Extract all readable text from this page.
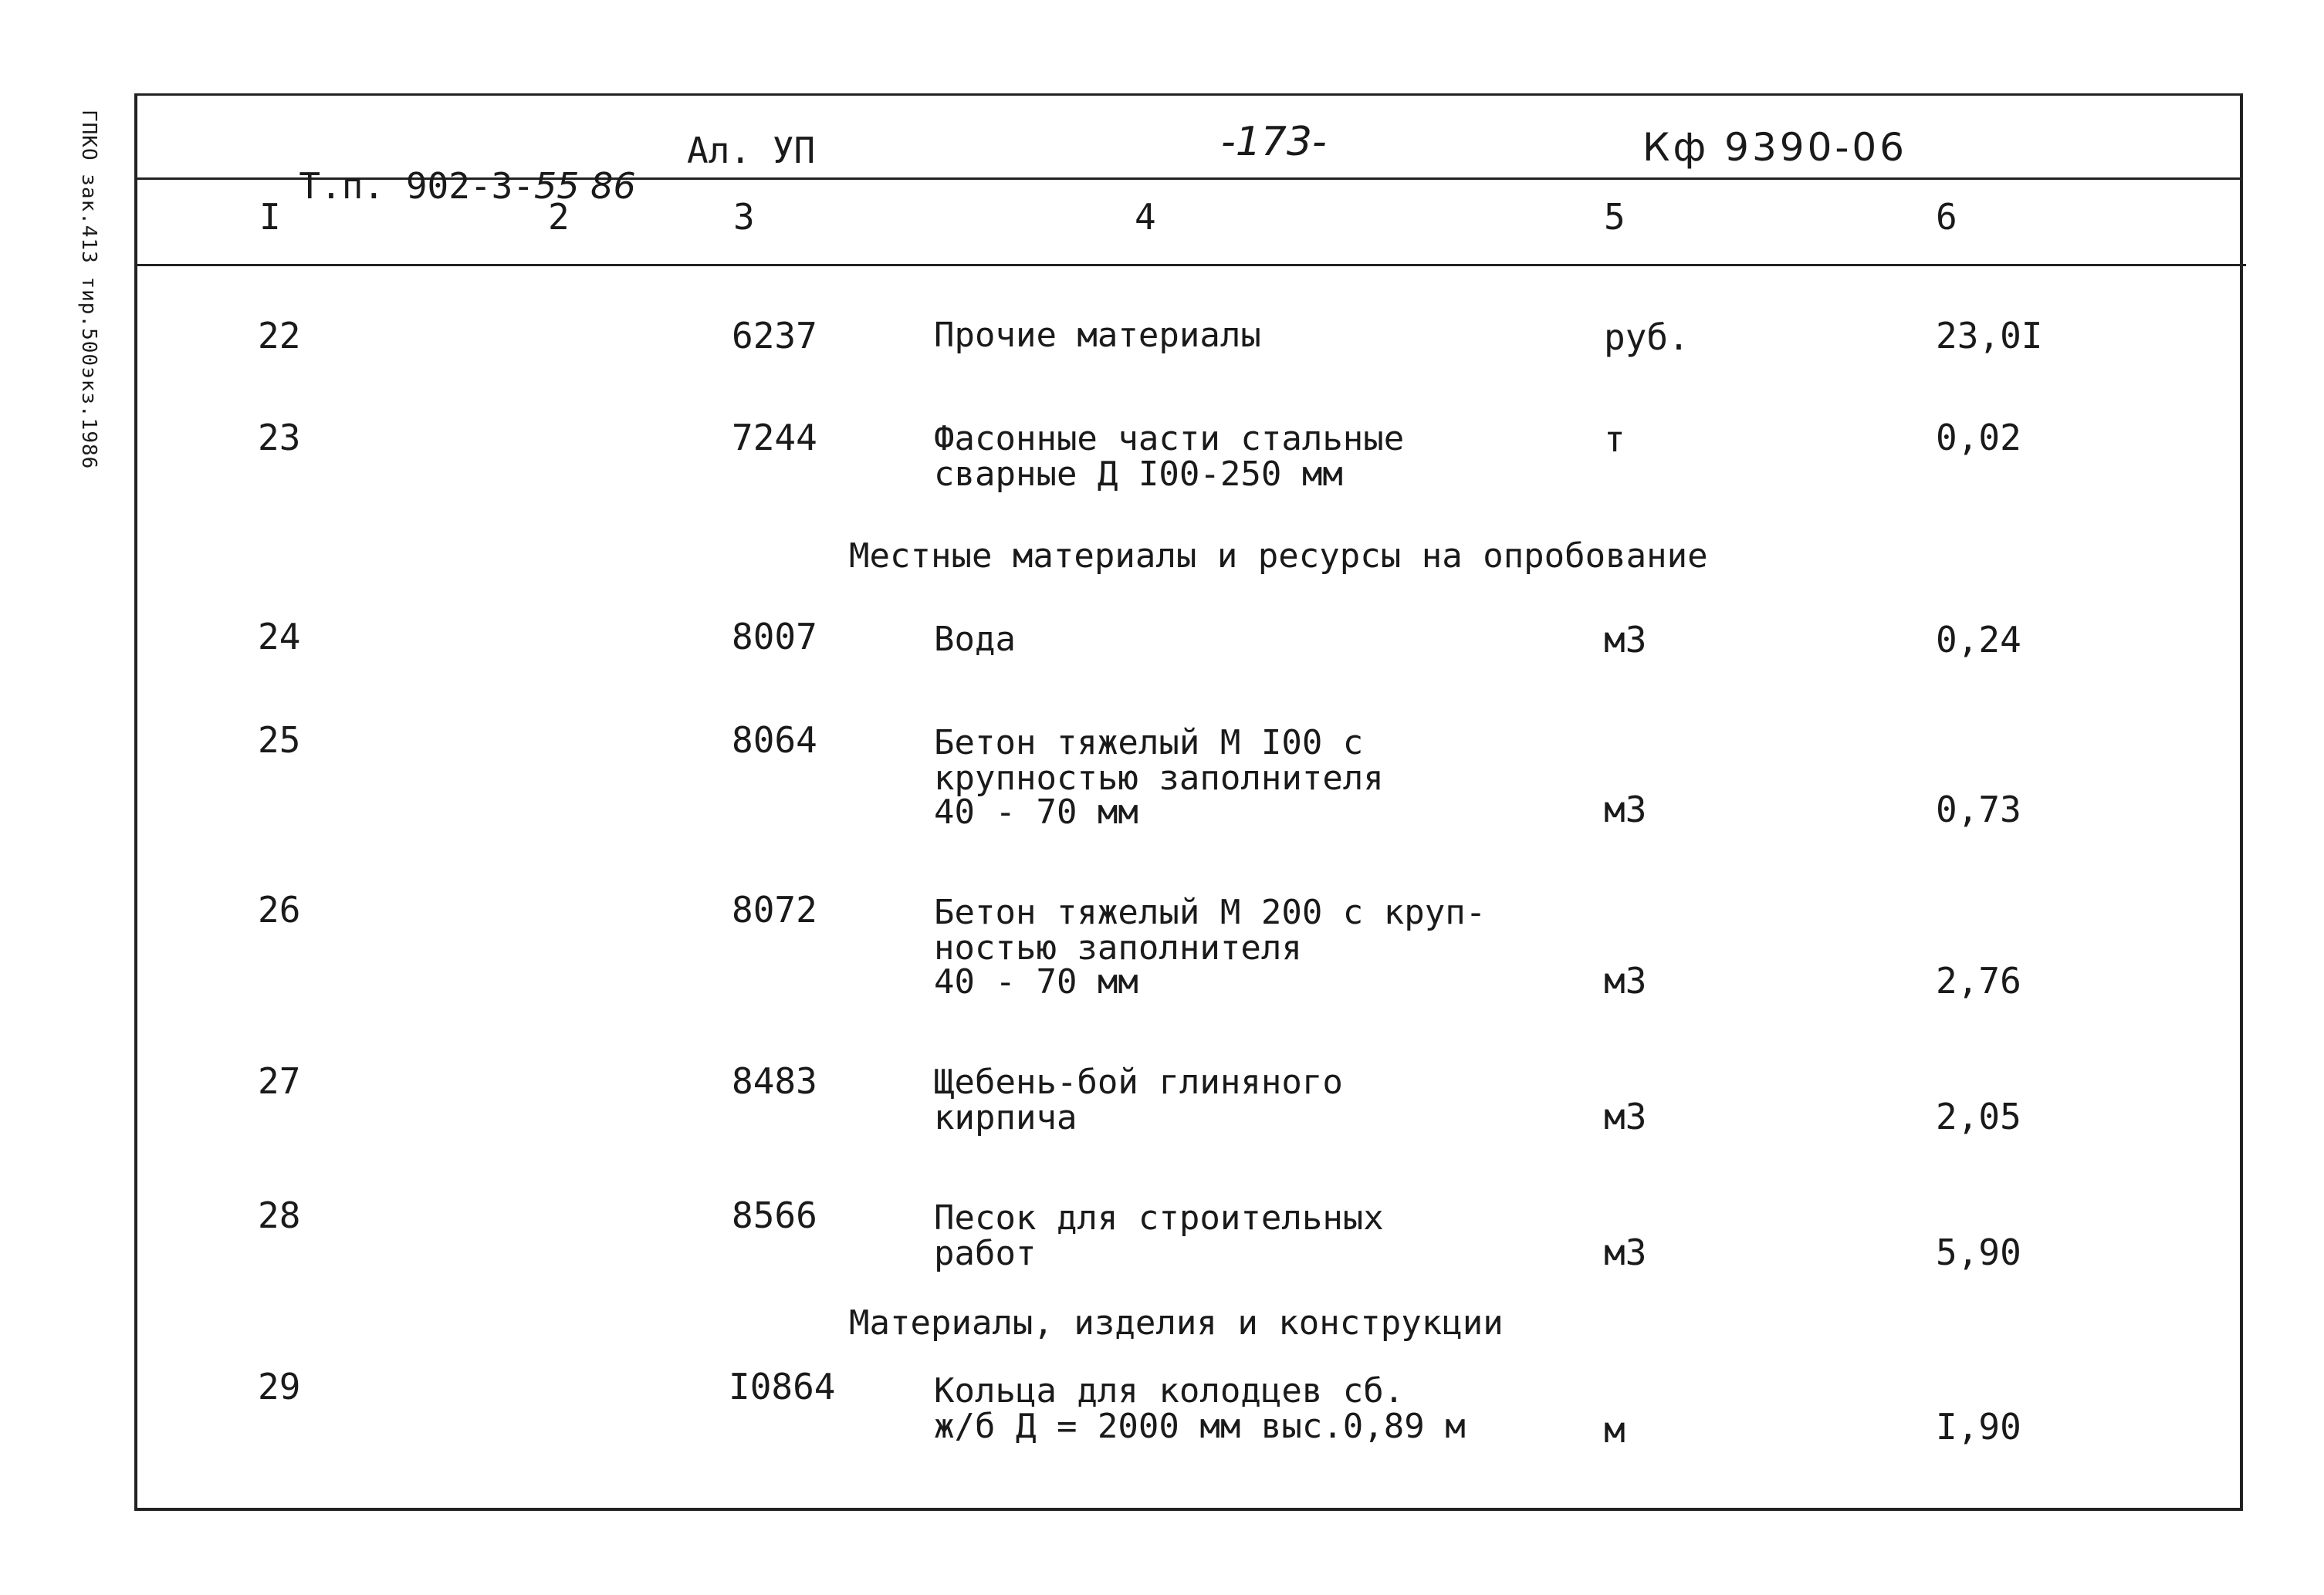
ГПКО зак.413 тир.500экз.1986	Т.п. 902-3-55 86

Ал. УП	-173-	Кф 9390-06
I	2	3	4	5	6
22	6237	Прочие материалы	руб.	23,0I
23	7244	Фасонные части стальные
сварные Д I00-250 мм
т	0,02
Местные материалы и ресурсы на опробование
24	8007	Вода	м3	0,24
25	8064	Бетон тяжелый М I00 с
крупностью заполнителя
40 - 70 мм	м3	0,73
26	8072	Бетон тяжелый М 200 с круп-
ностью заполнителя
40 - 70 мм	м3	2,76
27	8483	Щебень-бой глиняного
кирпича	м3	2,05
28	8566	Песок для строительных
работ	м3	5,90
Материалы, изделия и конструкции
29	I0864	Кольца для колодцев сб.
ж/б Д = 2000 мм выс.0,89 м	м	I,90
